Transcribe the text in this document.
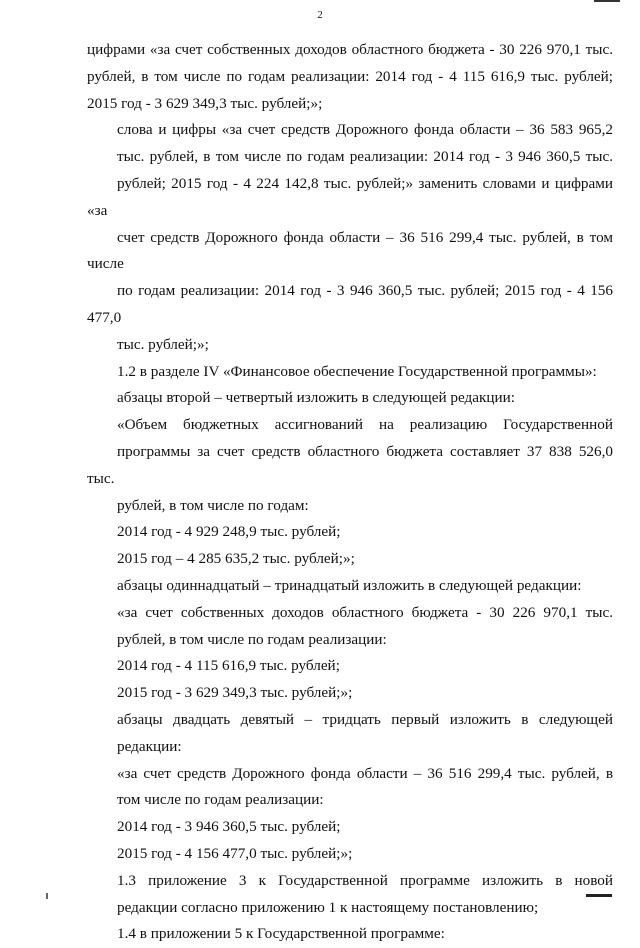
2

цифрами «за счет собственных доходов областного бюджета - 30 226 970,1 тыс.
рублей, в том числе по годам реализации: 2014 год - 4 115 616,9 тыс. рублей;
2015 год - 3 629 349,3 тыс. рублей;»;

слова и цифры «за счет средств Дорожного фонда области – 36 583 965,2
тыс. рублей, в том числе по годам реализации: 2014 год - 3 946 360,5 тыс.
рублей; 2015 год - 4 224 142,8 тыс. рублей;» заменить словами и цифрами «за
счет средств Дорожного фонда области – 36 516 299,4 тыс. рублей, в том числе
по годам реализации: 2014 год - 3 946 360,5 тыс. рублей; 2015 год - 4 156 477,0
тыс. рублей;»;

1.2 в разделе IV «Финансовое обеспечение Государственной программы»:

абзацы второй – четвертый изложить в следующей редакции:

«Объем бюджетных ассигнований на реализацию Государственной
программы за счет средств областного бюджета составляет 37 838 526,0 тыс.
рублей, в том числе по годам:

2014 год - 4 929 248,9 тыс. рублей;

2015 год – 4 285 635,2 тыс. рублей;»;

абзацы одиннадцатый – тринадцатый изложить в следующей редакции:

«за счет собственных доходов областного бюджета - 30 226 970,1 тыс.
рублей, в том числе по годам реализации:

2014 год - 4 115 616,9 тыс. рублей;

2015 год - 3 629 349,3 тыс. рублей;»;

абзацы двадцать девятый – тридцать первый изложить в следующей
редакции:

«за счет средств Дорожного фонда области – 36 516 299,4 тыс. рублей, в
том числе по годам реализации:

2014 год - 3 946 360,5 тыс. рублей;

2015 год - 4 156 477,0 тыс. рублей;»;

1.3 приложение 3 к Государственной программе изложить в новой
редакции согласно приложению 1 к настоящему постановлению;

1.4 в приложении 5 к Государственной программе:
